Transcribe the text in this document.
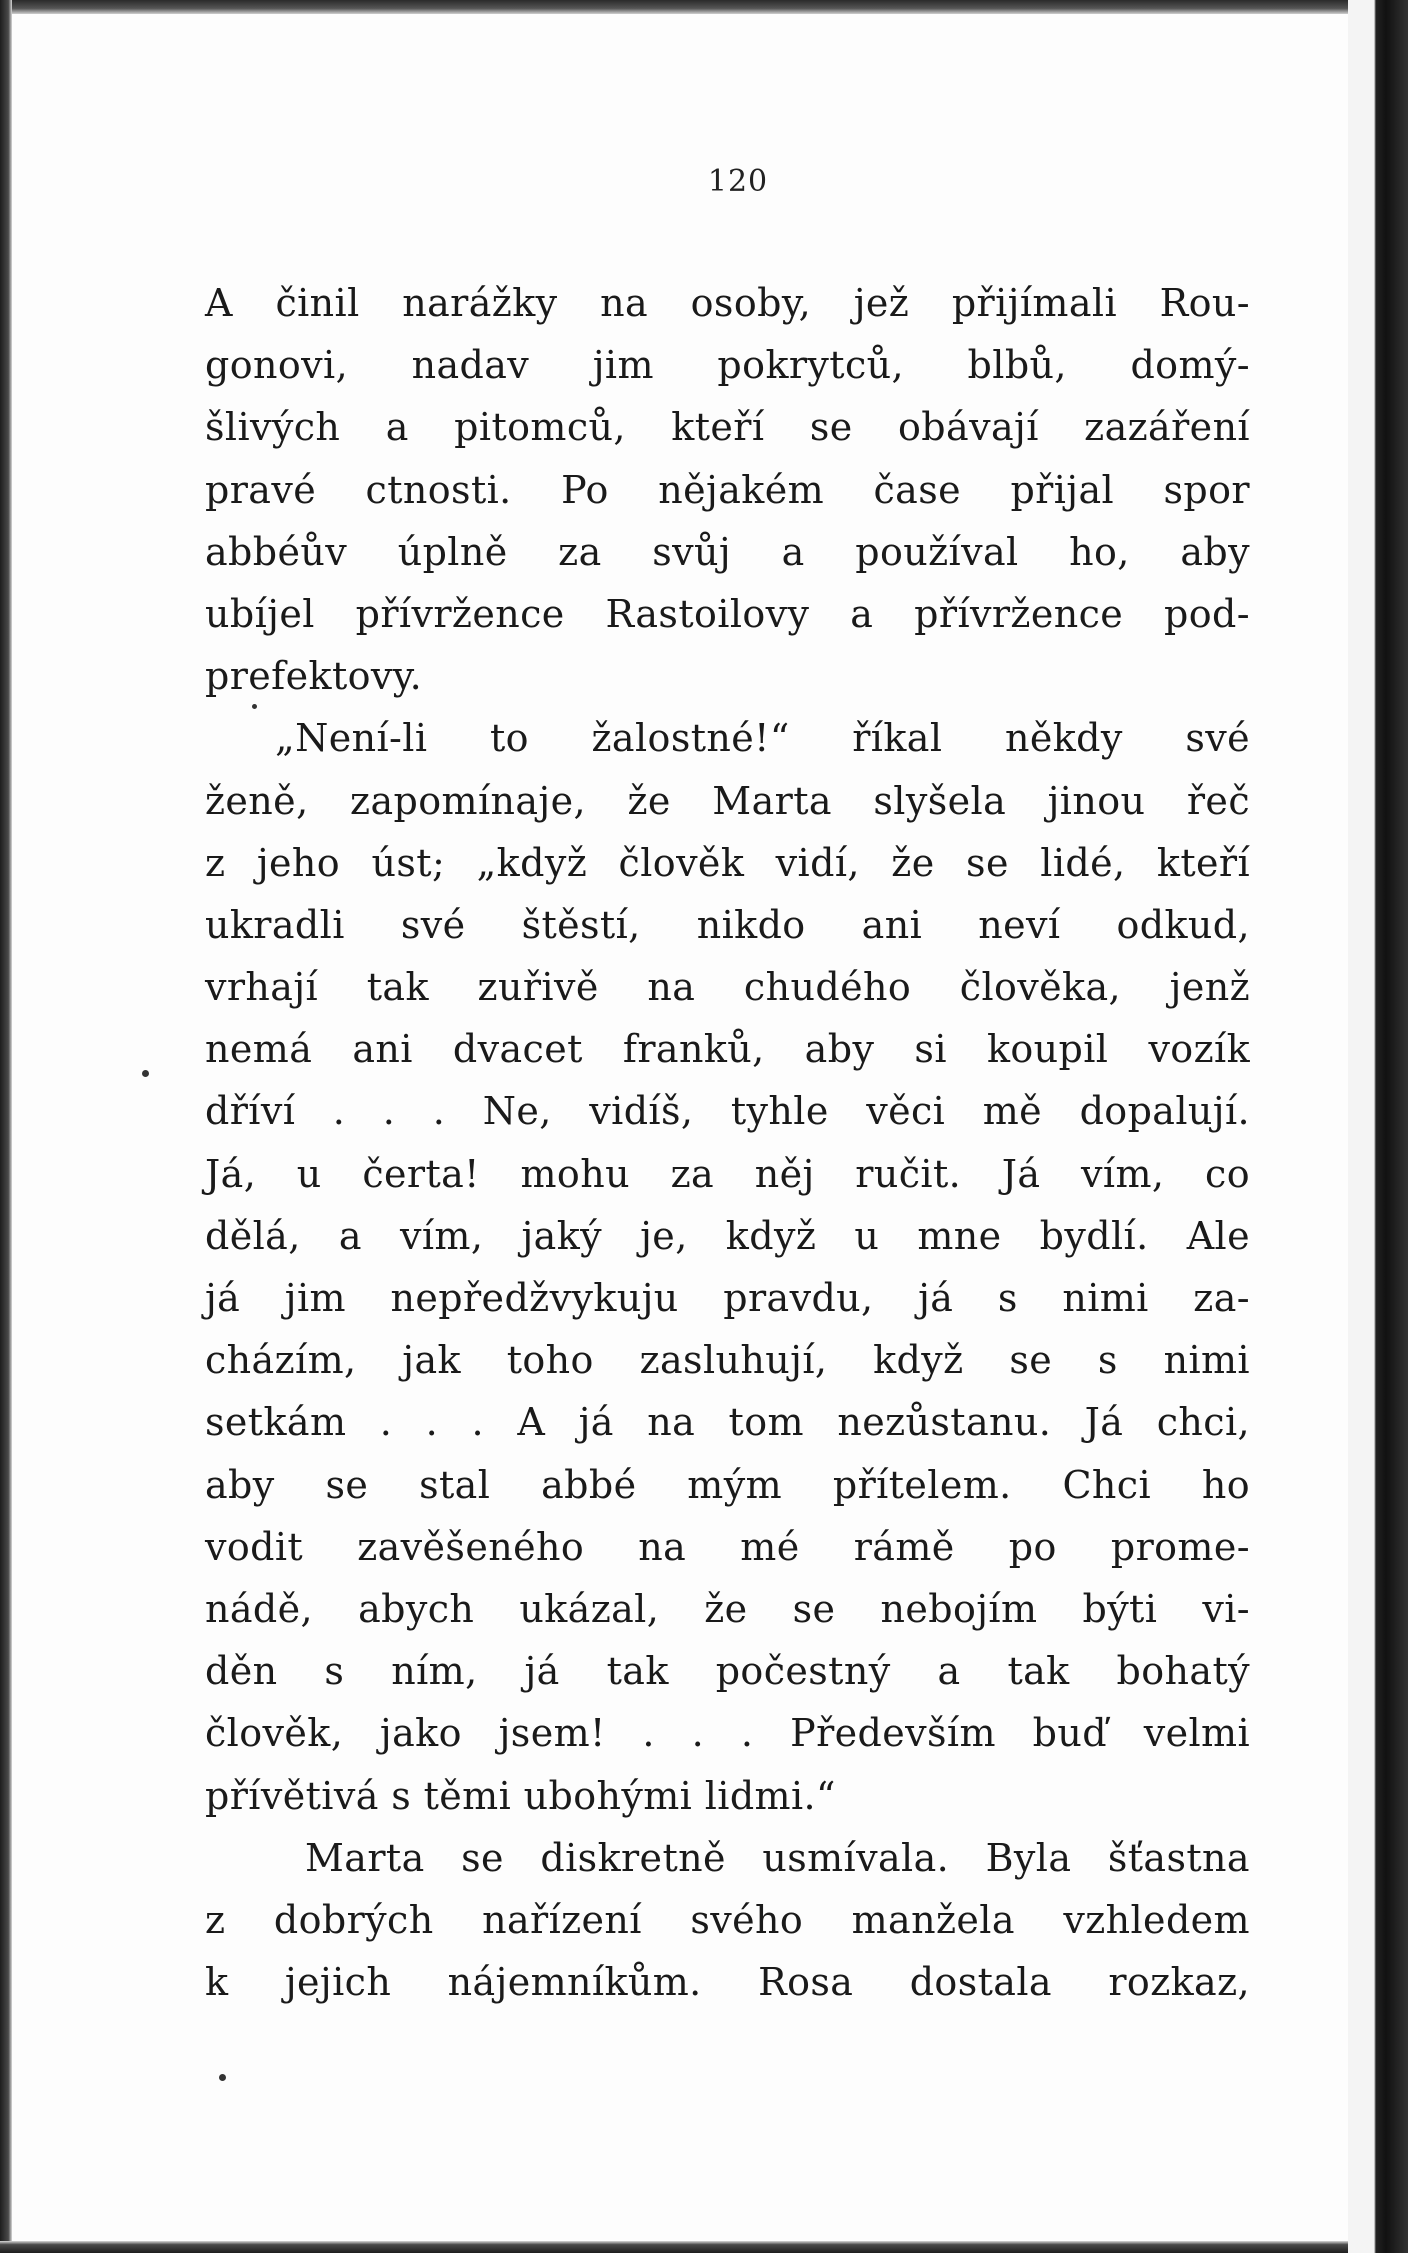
120
A činil narážky na osoby, jež přijímali Rou-
gonovi, nadav jim pokrytců, blbů, domý-
šlivých a pitomců, kteří se obávají zazáření
pravé ctnosti. Po nějakém čase přijal spor
abbéův úplně za svůj a používal ho, aby
ubíjel přívržence Rastoilovy a přívržence pod-
prefektovy.
„Není-li to žalostné!“ říkal někdy své
ženě, zapomínaje, že Marta slyšela jinou řeč
z jeho úst; „když člověk vidí, že se lidé, kteří
ukradli své štěstí, nikdo ani neví odkud,
vrhají tak zuřivě na chudého člověka, jenž
nemá ani dvacet franků, aby si koupil vozík
dříví . . . Ne, vidíš, tyhle věci mě dopalují.
Já, u čerta! mohu za něj ručit. Já vím, co
dělá, a vím, jaký je, když u mne bydlí. Ale
já jim nepředžvykuju pravdu, já s nimi za-
cházím, jak toho zasluhují, když se s nimi
setkám . . . A já na tom nezůstanu. Já chci,
aby se stal abbé mým přítelem. Chci ho
vodit zavěšeného na mé rámě po prome-
nádě, abych ukázal, že se nebojím býti vi-
děn s ním, já tak počestný a tak bohatý
člověk, jako jsem! . . . Především buď velmi
přívětivá s těmi ubohými lidmi.“
Marta se diskretně usmívala. Byla šťastna
z dobrých nařízení svého manžela vzhledem
k jejich nájemníkům. Rosa dostala rozkaz,
